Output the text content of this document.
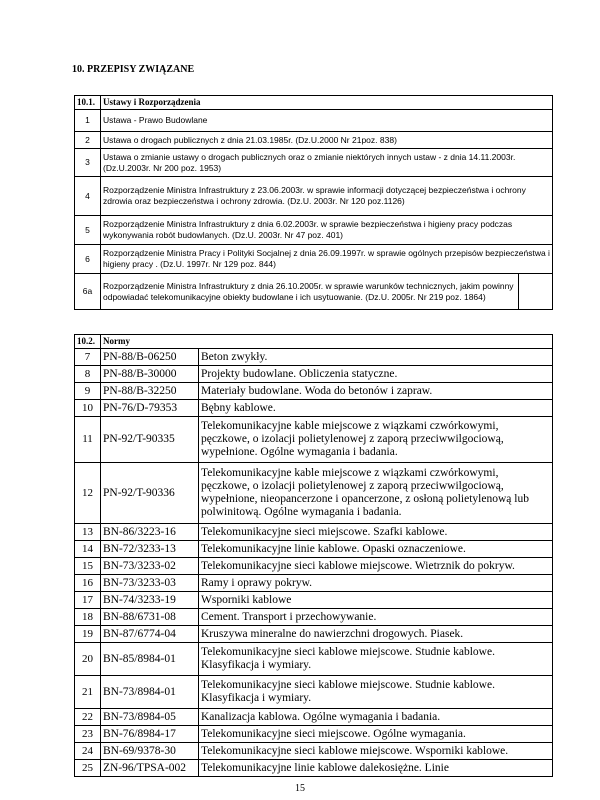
10. PRZEPISY ZWIĄZANE
10.1.	Ustawy i Rozporządzenia
1	Ustawa - Prawo Budowlane
2	Ustawa o drogach publicznych z dnia 21.03.1985r. (Dz.U.2000 Nr 21poz. 838)
3	Ustawa o zmianie ustawy o drogach publicznych oraz o zmianie niektórych innych ustaw - z dnia 14.11.2003r. (Dz.U.2003r. Nr 200 poz. 1953)
4	Rozporządzenie Ministra Infrastruktury z 23.06.2003r. w sprawie informacji dotyczącej bezpieczeństwa i ochrony zdrowia oraz bezpieczeństwa i ochrony zdrowia. (Dz.U. 2003r. Nr 120 poz.1126)
5	Rozporządzenie Ministra Infrastruktury z dnia 6.02.2003r. w sprawie bezpieczeństwa i higieny pracy podczas wykonywania robót budowlanych. (Dz.U. 2003r. Nr 47 poz. 401)
6	Rozporządzenie Ministra Pracy i Polityki Socjalnej z dnia 26.09.1997r. w sprawie ogólnych przepisów bezpieczeństwa i higieny pracy . (Dz.U. 1997r. Nr 129 poz. 844)
6a	Rozporządzenie Ministra Infrastruktury z dnia 26.10.2005r. w sprawie warunków technicznych, jakim powinny odpowiadać telekomunikacyjne obiekty budowlane i ich usytuowanie. (Dz.U. 2005r. Nr 219 poz. 1864)
10.2.	Normy	
7	PN-88/B-06250	Beton zwykły.
8	PN-88/B-30000	Projekty budowlane. Obliczenia statyczne.
9	PN-88/B-32250	Materiały budowlane. Woda do betonów i zapraw.
10	PN-76/D-79353	Bębny kablowe.
11	PN-92/T-90335	Telekomunikacyjne kable miejscowe z wiązkami czwórkowymi, pęczkowe, o izolacji polietylenowej z zaporą przeciwwilgociową, wypełnione. Ogólne wymagania i badania.
12	PN-92/T-90336	Telekomunikacyjne kable miejscowe z wiązkami czwórkowymi, pęczkowe, o izolacji polietylenowej z zaporą przeciwwilgociową, wypełnione, nieopancerzone i opancerzone, z osłoną polietylenową lub polwinitową. Ogólne wymagania i badania.
13	BN-86/3223-16	Telekomunikacyjne sieci miejscowe. Szafki kablowe.
14	BN-72/3233-13	Telekomunikacyjne linie kablowe. Opaski oznaczeniowe.
15	BN-73/3233-02	Telekomunikacyjne sieci kablowe miejscowe. Wietrznik do pokryw.
16	BN-73/3233-03	Ramy i oprawy pokryw.
17	BN-74/3233-19	Wsporniki kablowe
18	BN-88/6731-08	Cement. Transport i przechowywanie.
19	BN-87/6774-04	Kruszywa mineralne do nawierzchni drogowych. Piasek.
20	BN-85/8984-01	Telekomunikacyjne sieci kablowe miejscowe. Studnie kablowe. Klasyfikacja i wymiary.
21	BN-73/8984-01	Telekomunikacyjne sieci kablowe miejscowe. Studnie kablowe. Klasyfikacja i wymiary.
22	BN-73/8984-05	Kanalizacja kablowa. Ogólne wymagania i badania.
23	BN-76/8984-17	Telekomunikacyjne sieci miejscowe. Ogólne wymagania.
24	BN-69/9378-30	Telekomunikacyjne sieci kablowe miejscowe. Wsporniki kablowe.
25	ZN-96/TPSA-002	Telekomunikacyjne linie kablowe dalekosiężne. Linie
15
